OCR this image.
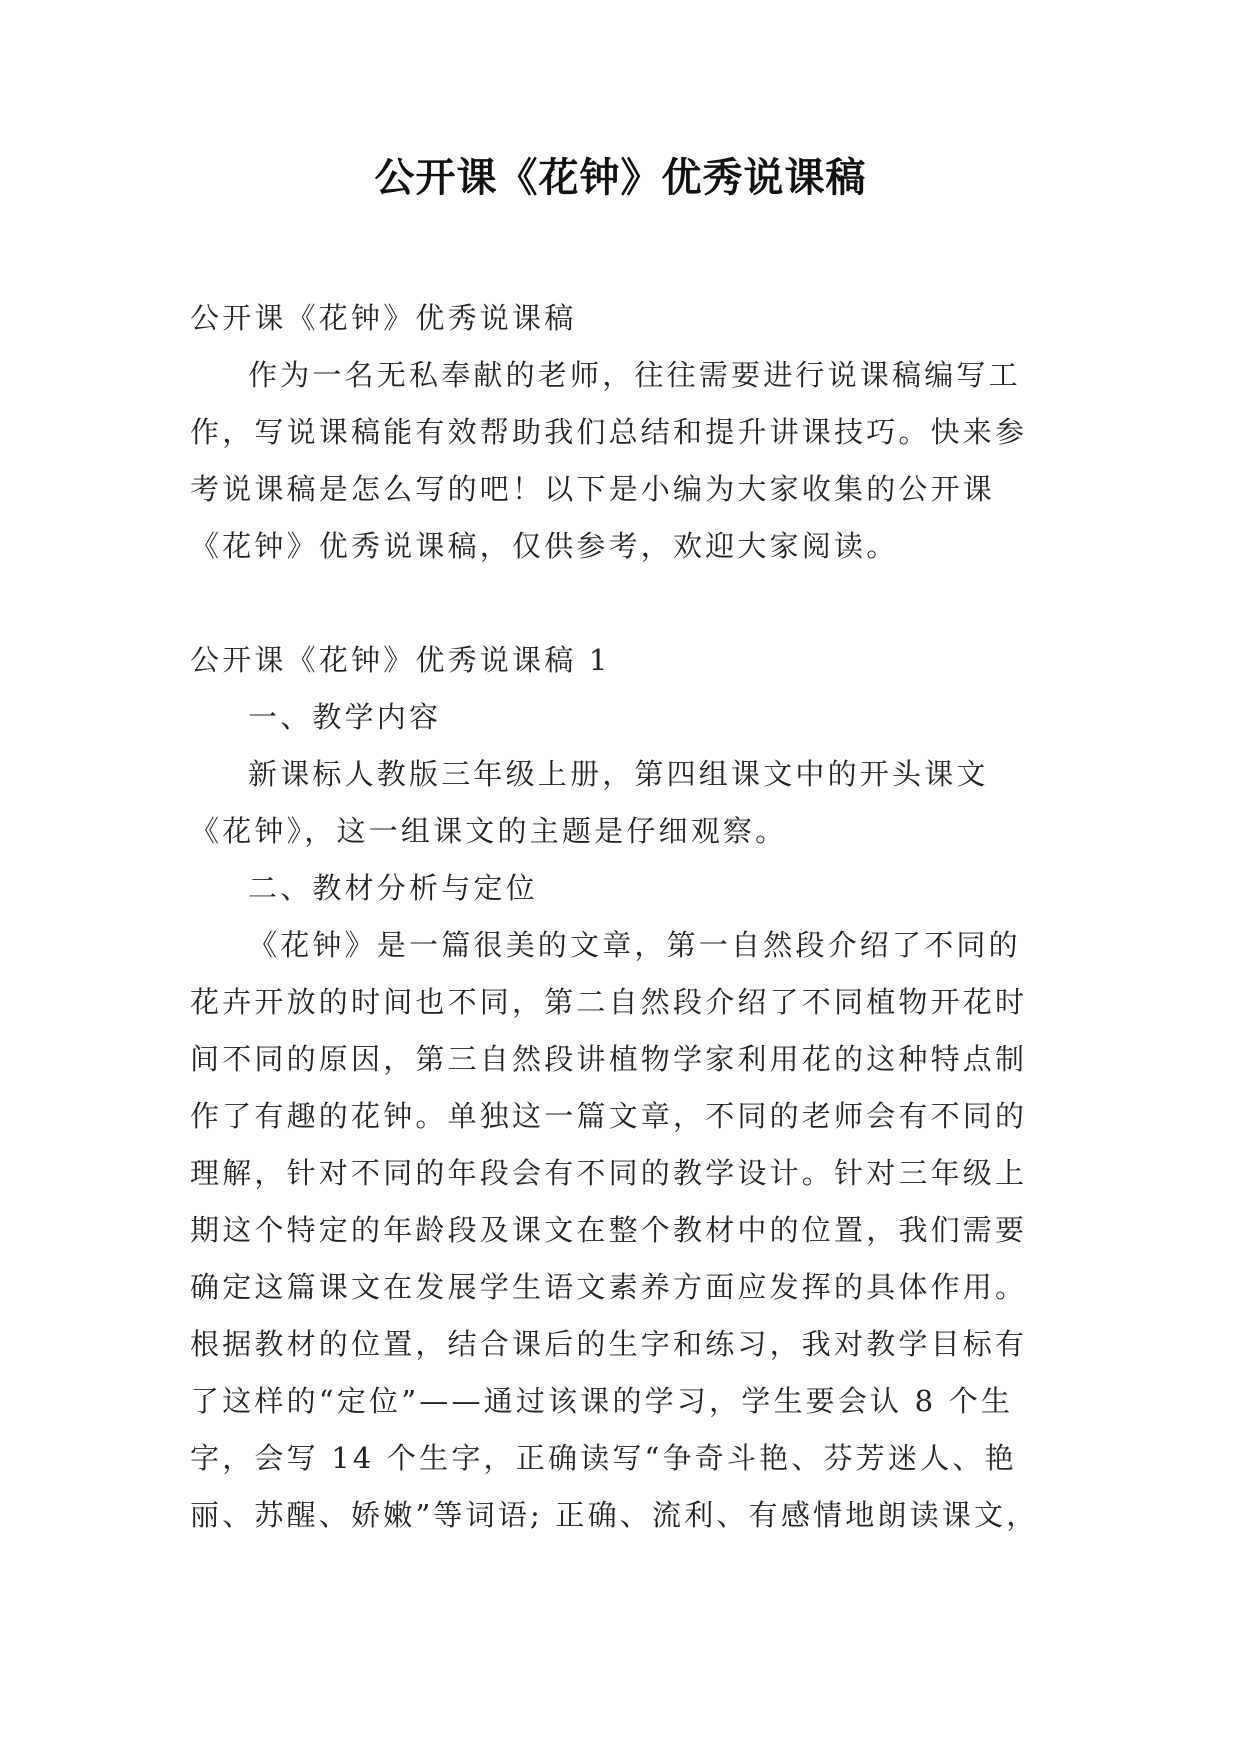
公开课《花钟》优秀说课稿

公开课《花钟》优秀说课稿

作为一名无私奉献的老师，往往需要进行说课稿编写工

作，写说课稿能有效帮助我们总结和提升讲课技巧。快来参

考说课稿是怎么写的吧！以下是小编为大家收集的公开课

《花钟》优秀说课稿，仅供参考，欢迎大家阅读。

公开课《花钟》优秀说课稿 1

一、教学内容

新课标人教版三年级上册，第四组课文中的开头课文

《花钟》，这一组课文的主题是仔细观察。

二、教材分析与定位

《花钟》是一篇很美的文章，第一自然段介绍了不同的

花卉开放的时间也不同，第二自然段介绍了不同植物开花时

间不同的原因，第三自然段讲植物学家利用花的这种特点制

作了有趣的花钟。单独这一篇文章，不同的老师会有不同的

理解，针对不同的年段会有不同的教学设计。针对三年级上

期这个特定的年龄段及课文在整个教材中的位置，我们需要

确定这篇课文在发展学生语文素养方面应发挥的具体作用。

根据教材的位置，结合课后的生字和练习，我对教学目标有

了这样的“定位”——通过该课的学习，学生要会认 8 个生

字，会写 14 个生字，正确读写“争奇斗艳、芬芳迷人、艳

丽、苏醒、娇嫩”等词语; 正确、流利、有感情地朗读课文，
